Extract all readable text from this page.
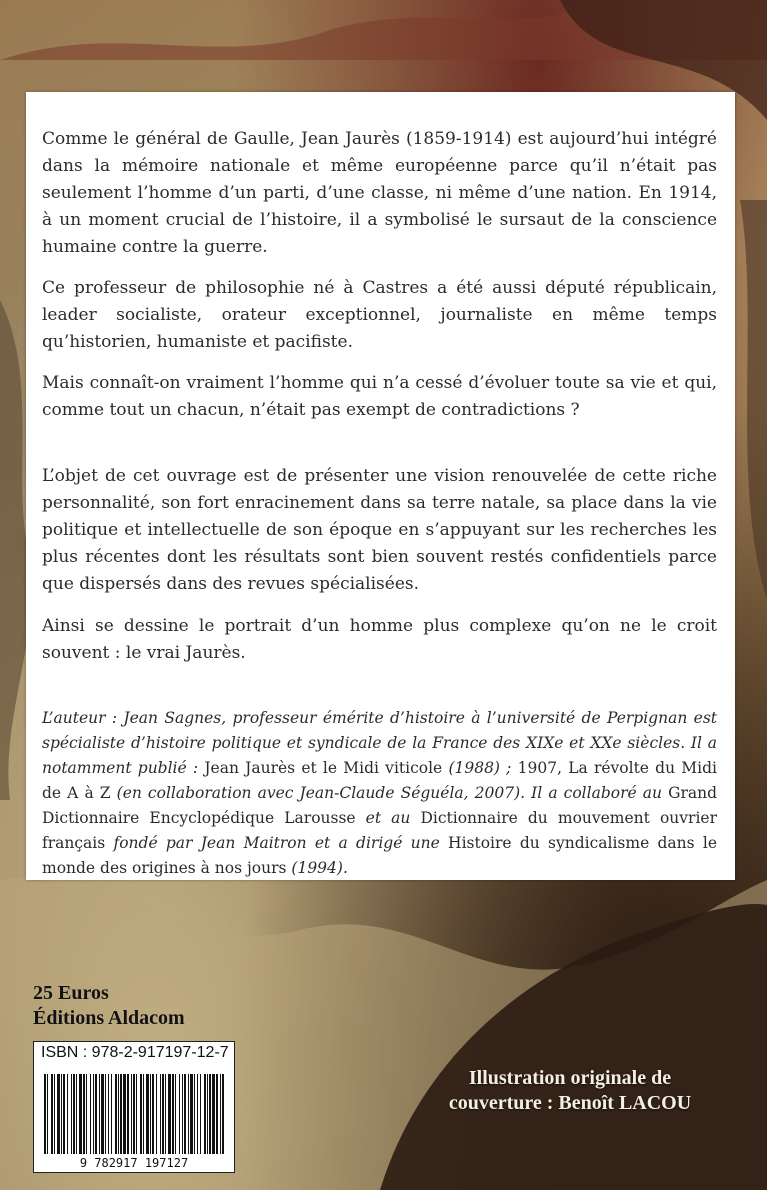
Comme le général de Gaulle, Jean Jaurès (1859-1914) est aujourd’hui intégré dans la mémoire nationale et même européenne parce qu’il n’était pas seulement l’homme d’un parti, d’une classe, ni même d’une nation. En 1914, à un moment crucial de l’histoire, il a symbolisé le sursaut de la conscience humaine contre la guerre.

Ce professeur de philosophie né à Castres a été aussi député républicain, leader socialiste, orateur exceptionnel, journaliste en même temps qu’historien, humaniste et pacifiste.

Mais connaît-on vraiment l’homme qui n’a cessé d’évoluer toute sa vie et qui, comme tout un chacun, n’était pas exempt de contradictions ?

L’objet de cet ouvrage est de présenter une vision renouvelée de cette riche personnalité, son fort enracinement dans sa terre natale, sa place dans la vie politique et intellectuelle de son époque en s’appuyant sur les recherches les plus récentes dont les résultats sont bien souvent restés confidentiels parce que dispersés dans des revues spécialisées.

Ainsi se dessine le portrait d’un homme plus complexe qu’on ne le croit souvent : le vrai Jaurès.

L’auteur : Jean Sagnes, professeur émérite d’histoire à l’université de Perpignan est spécialiste d’histoire politique et syndicale de la France des XIXe et XXe siècles. Il a notamment publié : Jean Jaurès et le Midi viticole (1988) ; 1907, La révolte du Midi de A à Z (en collaboration avec Jean-Claude Séguéla, 2007). Il a collaboré au Grand Dictionnaire Encyclopédique Larousse et au Dictionnaire du mouvement ouvrier français fondé par Jean Maitron et a dirigé une Histoire du syndicalisme dans le monde des origines à nos jours (1994).

25 Euros
Éditions Aldacom
ISBN : 978-2-917197-12-7
9 782917 197127
Illustration originale de
couverture : Benoît LACOU
